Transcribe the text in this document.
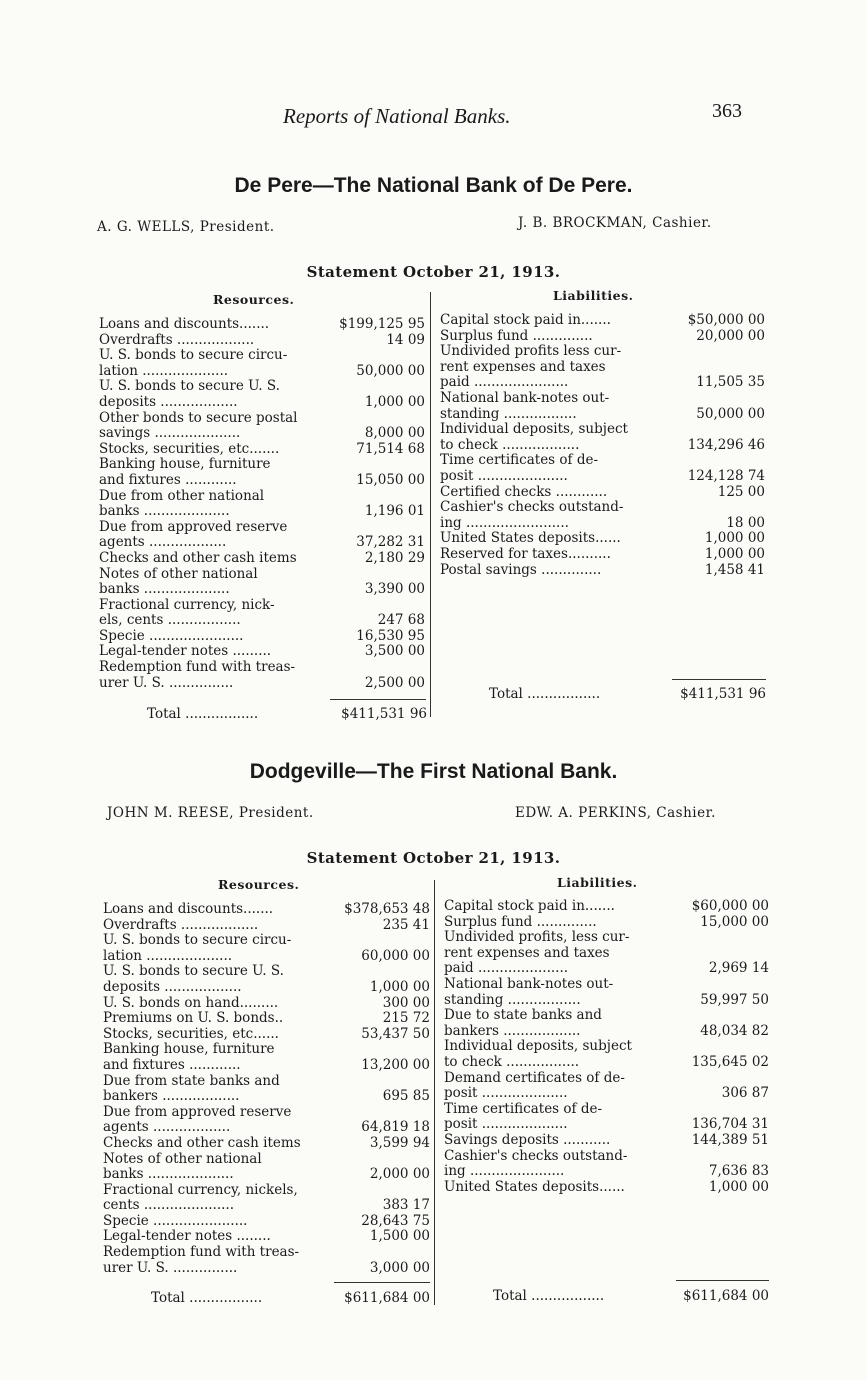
Reports of National Banks.	363
De Pere—The National Bank of De Pere.
A. G. WELLS, President.	J. B. BROCKMAN, Cashier.
Statement October 21, 1913.
Resources.	Liabilities.
Loans and discounts.......	$199,125 95
Overdrafts ..................	14 09
U. S. bonds to secure circu-
lation ....................	50,000 00
U. S. bonds to secure U. S.
deposits ..................	1,000 00
Other bonds to secure postal
savings ....................	8,000 00
Stocks, securities, etc.......	71,514 68
Banking house, furniture
and fixtures ............	15,050 00
Due from other national
banks ....................	1,196 01
Due from approved reserve
agents ..................	37,282 31
Checks and other cash items	2,180 29
Notes of other national
banks ....................	3,390 00
Fractional currency, nick-
els, cents .................	247 68
Specie ......................	16,530 95
Legal-tender notes .........	3,500 00
Redemption fund with treas-
urer U. S. ...............	2,500 00
Capital stock paid in.......	$50,000 00
Surplus fund ..............	20,000 00
Undivided profits less cur-
rent expenses and taxes
paid ......................	11,505 35
National bank-notes out-
standing .................	50,000 00
Individual deposits, subject
to check ..................	134,296 46
Time certificates of de-
posit .....................	124,128 74
Certified checks ............	125 00
Cashier's checks outstand-
ing ........................	18 00
United States deposits......	1,000 00
Reserved for taxes..........	1,000 00
Postal savings ..............	1,458 41
Total .................	$411,531 96
Total .................	$411,531 96
Dodgeville—The First National Bank.
JOHN M. REESE, President.	EDW. A. PERKINS, Cashier.
Statement October 21, 1913.
Resources.	Liabilities.
Loans and discounts.......	$378,653 48
Overdrafts ..................	235 41
U. S. bonds to secure circu-
lation ....................	60,000 00
U. S. bonds to secure U. S.
deposits ..................	1,000 00
U. S. bonds on hand.........	300 00
Premiums on U. S. bonds..	215 72
Stocks, securities, etc......	53,437 50
Banking house, furniture
and fixtures ............	13,200 00
Due from state banks and
bankers ..................	695 85
Due from approved reserve
agents ..................	64,819 18
Checks and other cash items	3,599 94
Notes of other national
banks ....................	2,000 00
Fractional currency, nickels,
cents .....................	383 17
Specie ......................	28,643 75
Legal-tender notes ........	1,500 00
Redemption fund with treas-
urer U. S. ...............	3,000 00
Capital stock paid in.......	$60,000 00
Surplus fund ..............	15,000 00
Undivided profits, less cur-
rent expenses and taxes
paid .....................	2,969 14
National bank-notes out-
standing .................	59,997 50
Due to state banks and
bankers ..................	48,034 82
Individual deposits, subject
to check .................	135,645 02
Demand certificates of de-
posit ....................	306 87
Time certificates of de-
posit ....................	136,704 31
Savings deposits ...........	144,389 51
Cashier's checks outstand-
ing ......................	7,636 83
United States deposits......	1,000 00
Total .................	$611,684 00	Total .................	$611,684 00
